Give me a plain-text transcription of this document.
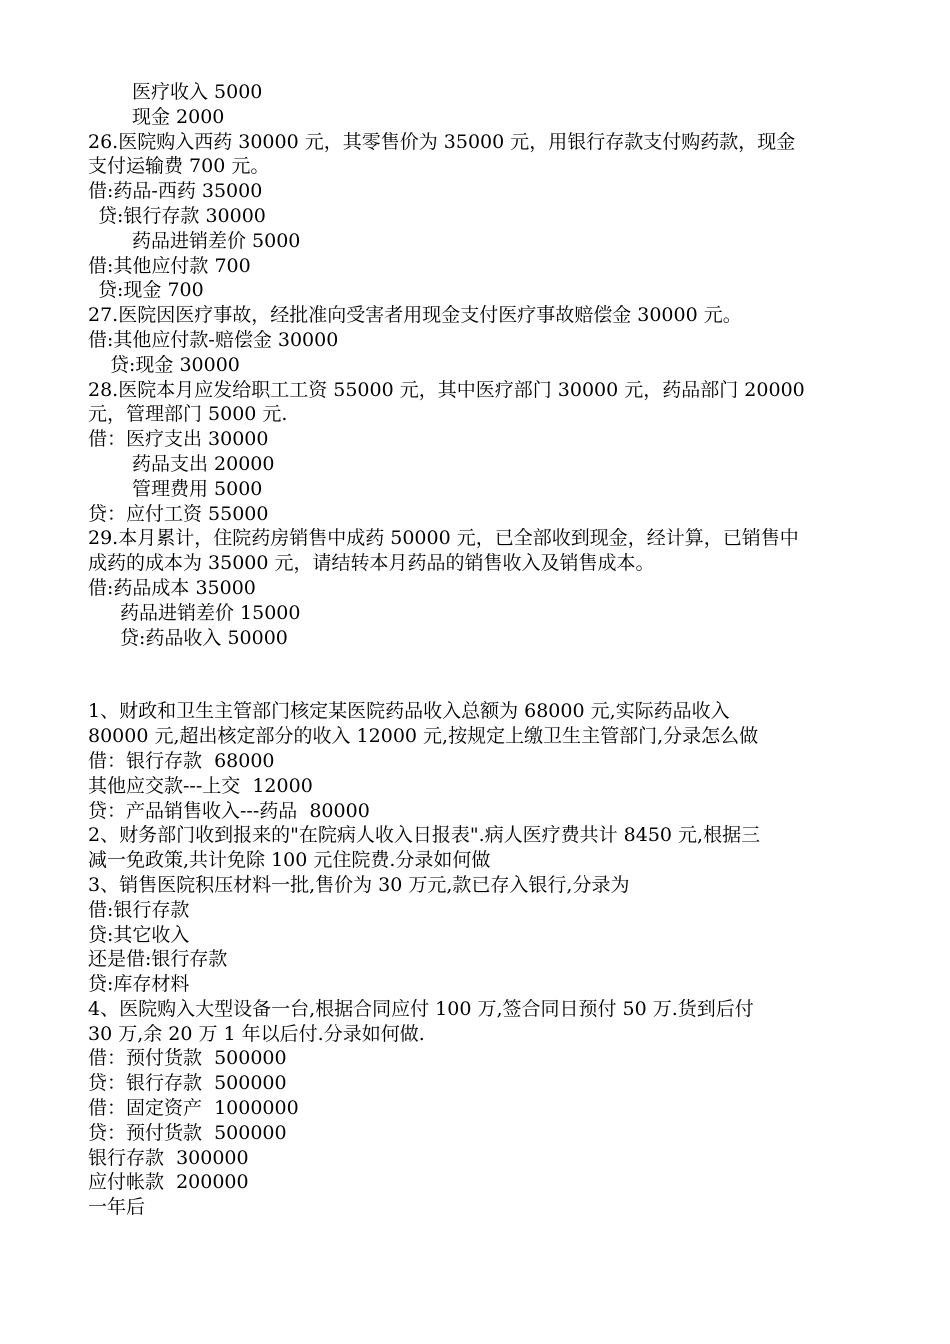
医疗收入 5000
现金 2000
26.医院购入西药 30000 元，其零售价为 35000 元，用银行存款支付购药款，现金
支付运输费 700 元。
借:药品-西药 35000
贷:银行存款 30000
药品进销差价 5000
借:其他应付款 700
贷:现金 700
27.医院因医疗事故，经批准向受害者用现金支付医疗事故赔偿金 30000 元。
借:其他应付款-赔偿金 30000
贷:现金 30000
28.医院本月应发给职工工资 55000 元，其中医疗部门 30000 元，药品部门 20000
元，管理部门 5000 元.
借：医疗支出 30000
药品支出 20000
管理费用 5000
贷：应付工资 55000
29.本月累计，住院药房销售中成药 50000 元，已全部收到现金，经计算，已销售中
成药的成本为 35000 元，请结转本月药品的销售收入及销售成本。
借:药品成本 35000
药品进销差价 15000
贷:药品收入 50000
1、财政和卫生主管部门核定某医院药品收入总额为 68000 元,实际药品收入
80000 元,超出核定部分的收入 12000 元,按规定上缴卫生主管部门,分录怎么做
借：银行存款  68000
其他应交款---上交  12000
贷：产品销售收入---药品  80000
2、财务部门收到报来的"在院病人收入日报表".病人医疗费共计 8450 元,根据三
减一免政策,共计免除 100 元住院费.分录如何做
3、销售医院积压材料一批,售价为 30 万元,款已存入银行,分录为
借:银行存款
贷:其它收入
还是借:银行存款
贷:库存材料
4、医院购入大型设备一台,根据合同应付 100 万,签合同日预付 50 万.货到后付
30 万,余 20 万 1 年以后付.分录如何做.
借：预付货款  500000
贷：银行存款  500000
借：固定资产  1000000
贷：预付货款  500000
银行存款  300000
应付帐款  200000
一年后
